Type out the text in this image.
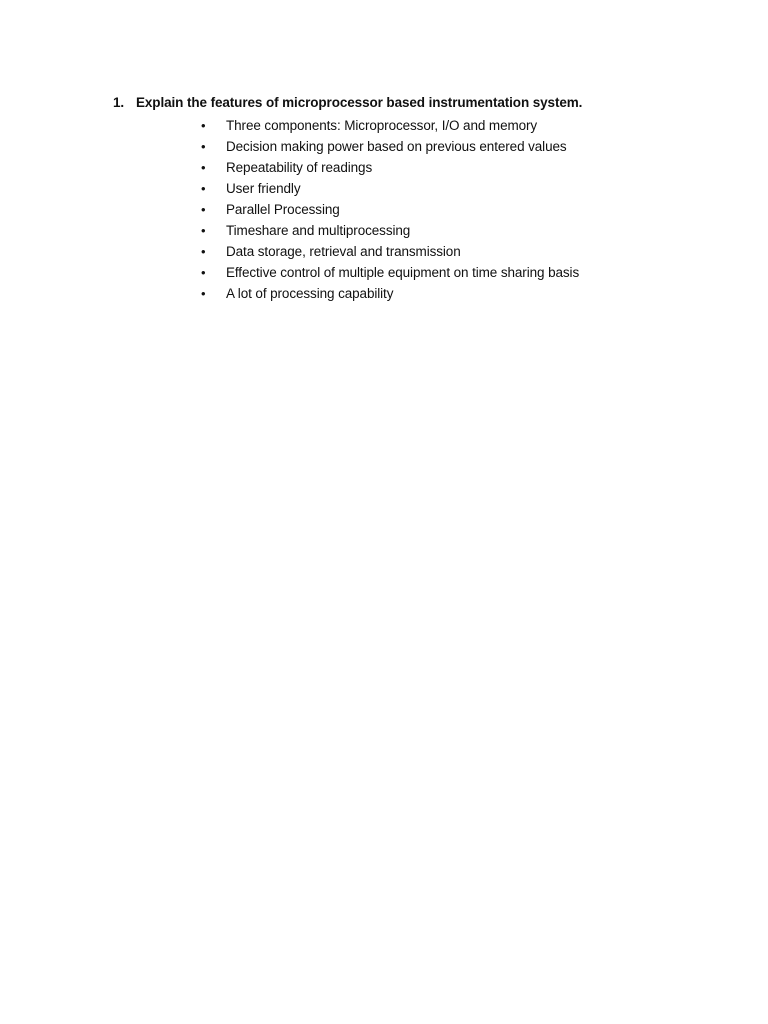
1. Explain the features of microprocessor based instrumentation system.
•	Three components: Microprocessor, I/O and memory
•	Decision making power based on previous entered values
•	Repeatability of readings
•	User friendly
•	Parallel Processing
•	Timeshare and multiprocessing
•	Data storage, retrieval and transmission
•	Effective control of multiple equipment on time sharing basis
•	A lot of processing capability
